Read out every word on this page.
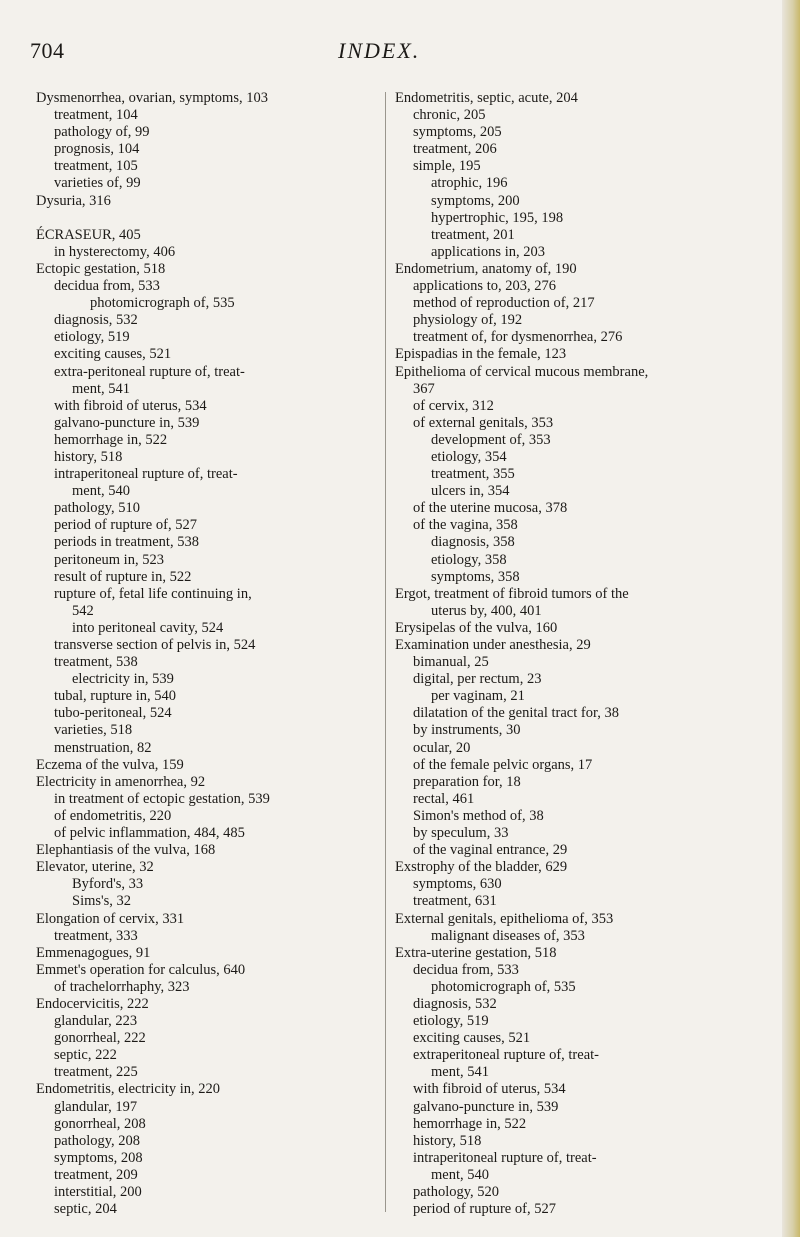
704	INDEX.
Dysmenorrhea, ovarian, symptoms, 103
treatment, 104
pathology of, 99
prognosis, 104
treatment, 105
varieties of, 99
Dysuria, 316

ÉCRASEUR, 405
in hysterectomy, 406
Ectopic gestation, 518
decidua from, 533
photomicrograph of, 535
diagnosis, 532
etiology, 519
exciting causes, 521
extra-peritoneal rupture of, treat-
ment, 541
with fibroid of uterus, 534
galvano-puncture in, 539
hemorrhage in, 522
history, 518
intraperitoneal rupture of, treat-
ment, 540
pathology, 510
period of rupture of, 527
periods in treatment, 538
peritoneum in, 523
result of rupture in, 522
rupture of, fetal life continuing in,
542
into peritoneal cavity, 524
transverse section of pelvis in, 524
treatment, 538
electricity in, 539
tubal, rupture in, 540
tubo-peritoneal, 524
varieties, 518
menstruation, 82
Eczema of the vulva, 159
Electricity in amenorrhea, 92
in treatment of ectopic gestation, 539
of endometritis, 220
of pelvic inflammation, 484, 485
Elephantiasis of the vulva, 168
Elevator, uterine, 32
Byford's, 33
Sims's, 32
Elongation of cervix, 331
treatment, 333
Emmenagogues, 91
Emmet's operation for calculus, 640
of trachelorrhaphy, 323
Endocervicitis, 222
glandular, 223
gonorrheal, 222
septic, 222
treatment, 225
Endometritis, electricity in, 220
glandular, 197
gonorrheal, 208
pathology, 208
symptoms, 208
treatment, 209
interstitial, 200
septic, 204
Endometritis, septic, acute, 204
chronic, 205
symptoms, 205
treatment, 206
simple, 195
atrophic, 196
symptoms, 200
hypertrophic, 195, 198
treatment, 201
applications in, 203
Endometrium, anatomy of, 190
applications to, 203, 276
method of reproduction of, 217
physiology of, 192
treatment of, for dysmenorrhea, 276
Epispadias in the female, 123
Epithelioma of cervical mucous membrane,
367
of cervix, 312
of external genitals, 353
development of, 353
etiology, 354
treatment, 355
ulcers in, 354
of the uterine mucosa, 378
of the vagina, 358
diagnosis, 358
etiology, 358
symptoms, 358
Ergot, treatment of fibroid tumors of the
uterus by, 400, 401
Erysipelas of the vulva, 160
Examination under anesthesia, 29
bimanual, 25
digital, per rectum, 23
per vaginam, 21
dilatation of the genital tract for, 38
by instruments, 30
ocular, 20
of the female pelvic organs, 17
preparation for, 18
rectal, 461
Simon's method of, 38
by speculum, 33
of the vaginal entrance, 29
Exstrophy of the bladder, 629
symptoms, 630
treatment, 631
External genitals, epithelioma of, 353
malignant diseases of, 353
Extra-uterine gestation, 518
decidua from, 533
photomicrograph of, 535
diagnosis, 532
etiology, 519
exciting causes, 521
extraperitoneal rupture of, treat-
ment, 541
with fibroid of uterus, 534
galvano-puncture in, 539
hemorrhage in, 522
history, 518
intraperitoneal rupture of, treat-
ment, 540
pathology, 520
period of rupture of, 527
